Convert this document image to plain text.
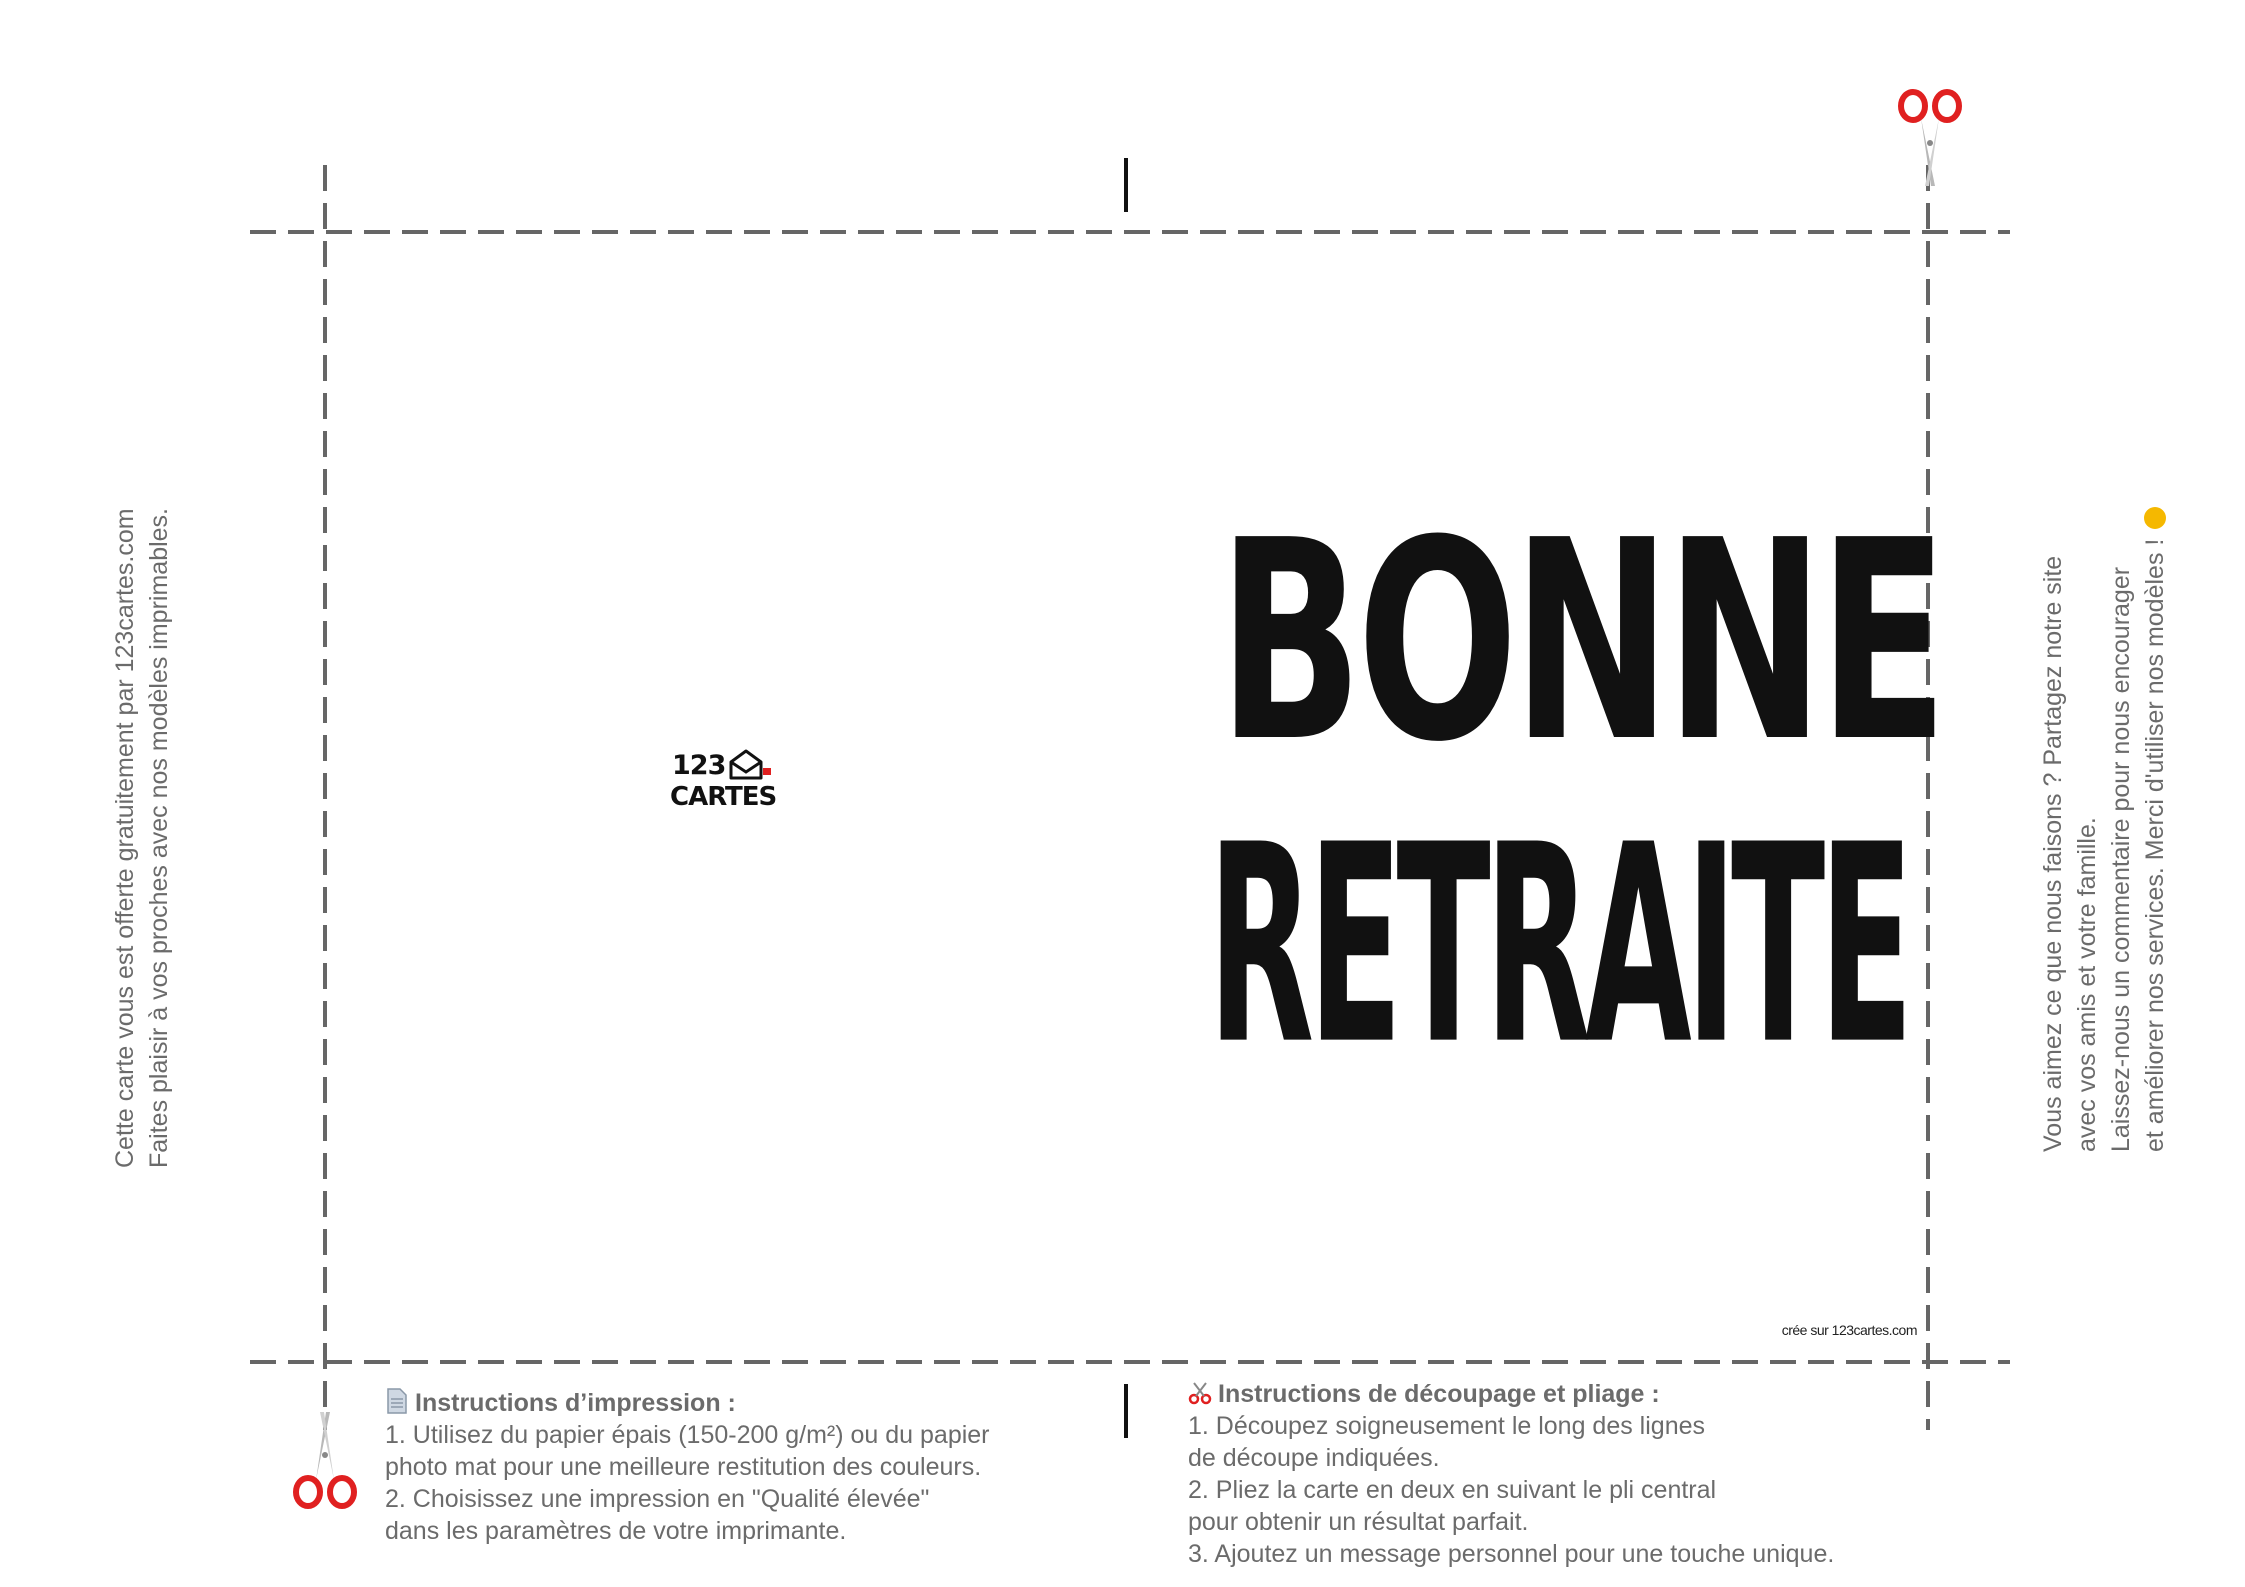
Cette carte vous est offerte gratuitement par 123cartes.com Faites plaisir à vos proches avec nos modèles imprimables.	Vous aimez ce que nous faisons ? Partagez notre site avec vos amis et votre famille. Laissez-nous un commentaire pour nous encourager et améliorer nos services. Merci d'utiliser nos modèles !
123
CARTES BONNE
RETRAITE
crée sur 123cartes.com
Instructions d’impression :
1. Utilisez du papier épais (150-200 g/m²) ou du papier
photo mat pour une meilleure restitution des couleurs.
2. Choisissez une impression en "Qualité élevée"
dans les paramètres de votre imprimante.
Instructions de découpage et pliage :
1. Découpez soigneusement le long des lignes
de découpe indiquées.
2. Pliez la carte en deux en suivant le pli central
pour obtenir un résultat parfait.
3. Ajoutez un message personnel pour une touche unique.
